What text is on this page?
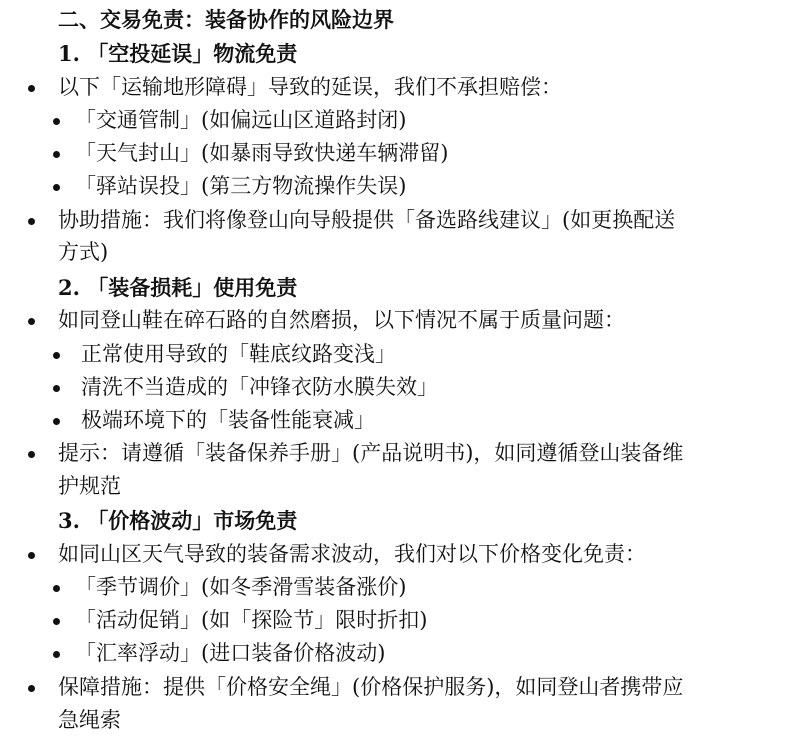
二、交易免责：装备协作的风险边界
1. 「空投延误」物流免责
以下「运输地形障碍」导致的延误，我们不承担赔偿：
「交通管制」(如偏远山区道路封闭)
「天气封山」(如暴雨导致快递车辆滞留)
「驿站误投」(第三方物流操作失误)
协助措施：我们将像登山向导般提供「备选路线建议」(如更换配送
方式)
2. 「装备损耗」使用免责
如同登山鞋在碎石路的自然磨损，以下情况不属于质量问题：
正常使用导致的「鞋底纹路变浅」
清洗不当造成的「冲锋衣防水膜失效」
极端环境下的「装备性能衰减」
提示：请遵循「装备保养手册」(产品说明书)，如同遵循登山装备维
护规范
3. 「价格波动」市场免责
如同山区天气导致的装备需求波动，我们对以下价格变化免责：
「季节调价」(如冬季滑雪装备涨价)
「活动促销」(如「探险节」限时折扣)
「汇率浮动」(进口装备价格波动)
保障措施：提供「价格安全绳」(价格保护服务)，如同登山者携带应
急绳索
